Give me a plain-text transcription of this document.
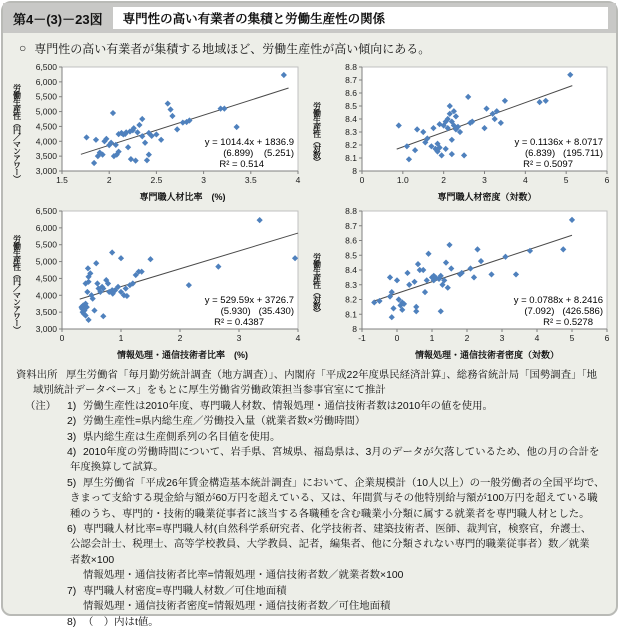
第4－(3)－23図 専門性の高い有業者の集積と労働生産性の関係
○ 専門性の高い有業者が集積する地域ほど、労働生産性が高い傾向にある。
労働生産性（円／マンアワー） 3,000
3,500
4,000
4,500
5,000
5,500
6,000
6,500
1.5	2	2.5	3	3.5	4
y = 1014.4x + 1836.9
(6.899)    (5.251)
R² = 0.514
専門職人材比率　(%)
労働生産性（対数）
8
8.1
8.2
8.3
8.4
8.5
8.6
8.7
8.8
0	1.0	2	3	4	5	6
y = 0.1136x + 8.0717
(6.839)   (195.711)
R² = 0.5097
専門職人材密度（対数）
労働生産性（円／マンアワー） 3,000
3,500
4,000
4,500
5,000
5,500
6,000
6,500
0	1	2	3	4
y = 529.59x + 3726.7
(5.930)   (35.430)
R² = 0.4387
情報処理・通信技術者比率　(%)
労働生産性（対数）
8
8.1
8.2
8.3
8.4
8.5
8.6
8.7
8.8
-1	0	1	2	3	4	5	6
y = 0.0788x + 8.2416
(7.092)   (426.586)
R² = 0.5278
情報処理・通信技術者密度（対数）
資料出所 厚生労働省「毎月勤労統計調査（地方調査）」、内閣府「平成22年度県民経済計算」、総務省統計局「国勢調査」「地
域別統計データベース」をもとに厚生労働省労働政策担当参事官室にて推計
（注） 1) 労働生産性は2010年度、専門職人材数、情報処理・通信技術者数は2010年の値を使用。
2) 労働生産性=県内総生産／労働投入量（就業者数×労働時間）
3) 県内総生産は生産側系列の名目値を使用。
4) 2010年度の労働時間について、岩手県、宮城県、福島県は、3月のデータが欠落しているため、他の月の合計を
年度換算して試算。
5) 厚生労働省「平成26年賃金構造基本統計調査」において、企業規模計（10人以上）の一般労働者の全国平均で、
きまって支給する現金給与額が60万円を超えている、又は、年間賞与その他特別給与額が100万円を超えている職
種のうち、専門的・技術的職業従事者に該当する各職種を含む職業小分類に属する就業者を専門職人材とした。
6) 専門職人材比率=専門職人材(自然科学系研究者、化学技術者、建築技術者、医師、裁判官，検察官，弁護士、
公認会計士、税理士、高等学校教員、大学教員、記者，編集者、他に分類されない専門的職業従事者）数／就業
者数×100
情報処理・通信技術者比率=情報処理・通信技術者数／就業者数×100
7) 専門職人材密度=専門職人材数／可住地面積
情報処理・通信技術者密度=情報処理・通信技術者数／可住地面積
8) （　）内はt値。
